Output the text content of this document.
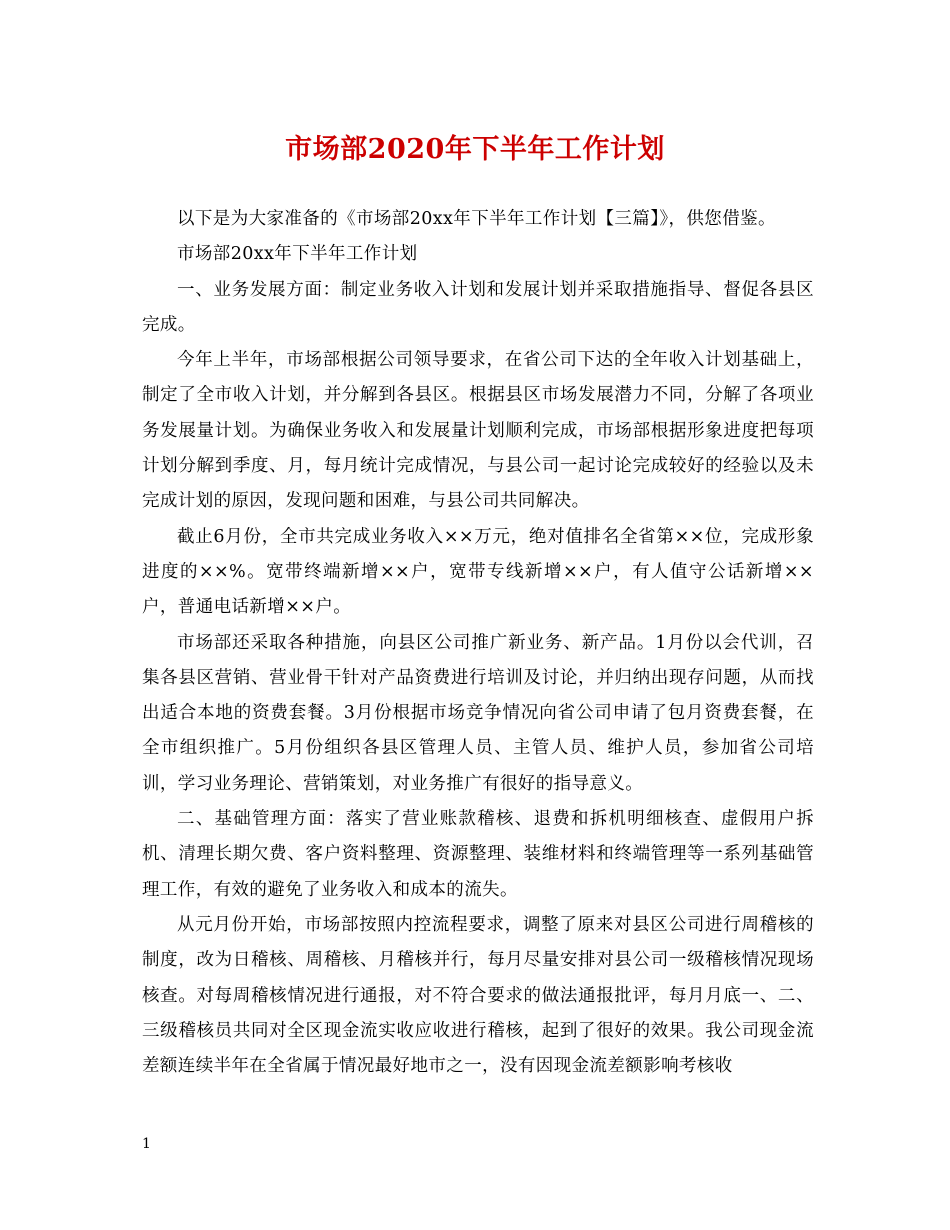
市场部2020年下半年工作计划

以下是为大家准备的《市场部20xx年下半年工作计划【三篇】》，供您借鉴。

市场部20xx年下半年工作计划

一、业务发展方面：制定业务收入计划和发展计划并采取措施指导、督促各县区完成。

今年上半年，市场部根据公司领导要求，在省公司下达的全年收入计划基础上，制定了全市收入计划，并分解到各县区。根据县区市场发展潜力不同，分解了各项业务发展量计划。为确保业务收入和发展量计划顺利完成，市场部根据形象进度把每项计划分解到季度、月，每月统计完成情况，与县公司一起讨论完成较好的经验以及未完成计划的原因，发现问题和困难，与县公司共同解决。

截止6月份，全市共完成业务收入××万元，绝对值排名全省第××位，完成形象进度的××%。宽带终端新增××户，宽带专线新增××户，有人值守公话新增××户，普通电话新增××户。

市场部还采取各种措施，向县区公司推广新业务、新产品。1月份以会代训，召集各县区营销、营业骨干针对产品资费进行培训及讨论，并归纳出现存问题，从而找出适合本地的资费套餐。3月份根据市场竞争情况向省公司申请了包月资费套餐，在全市组织推广。5月份组织各县区管理人员、主管人员、维护人员，参加省公司培训，学习业务理论、营销策划，对业务推广有很好的指导意义。

二、基础管理方面：落实了营业账款稽核、退费和拆机明细核查、虚假用户拆机、清理长期欠费、客户资料整理、资源整理、装维材料和终端管理等一系列基础管理工作，有效的避免了业务收入和成本的流失。

从元月份开始，市场部按照内控流程要求，调整了原来对县区公司进行周稽核的制度，改为日稽核、周稽核、月稽核并行，每月尽量安排对县公司一级稽核情况现场核查。对每周稽核情况进行通报，对不符合要求的做法通报批评，每月月底一、二、三级稽核员共同对全区现金流实收应收进行稽核，起到了很好的效果。我公司现金流差额连续半年在全省属于情况最好地市之一，没有因现金流差额影响考核收

1
